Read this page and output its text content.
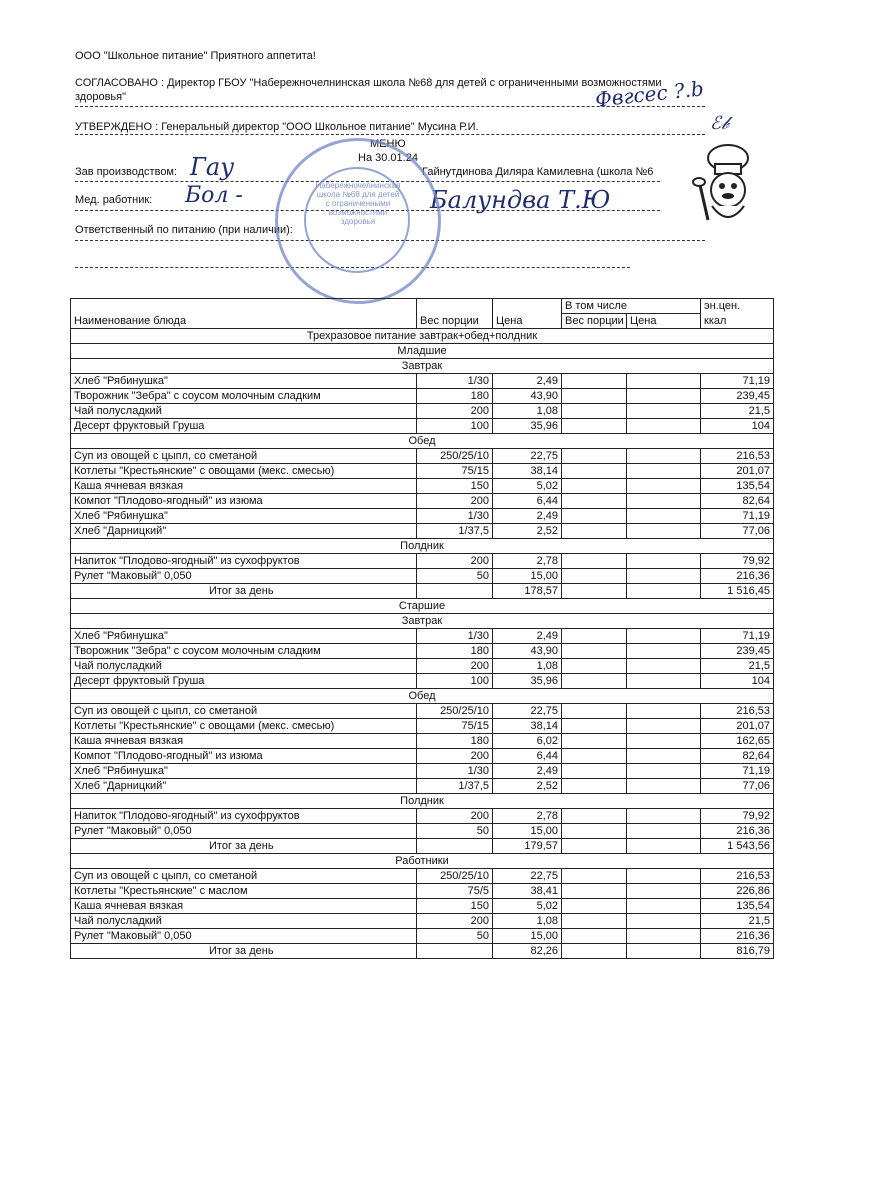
ООО "Школьное питание" Приятного аппетита!
СОГЛАСОВАНО : Директор ГБОУ "Набережночелнинская школа №68 для детей с ограниченными возможностями
здоровья"
УТВЕРЖДЕНО : Генеральный директор "ООО Школьное питание" Мусина Р.И.
МЕНЮ
На 30.01.24
Зав производством:	Гайнутдинова Диляра Камилевна (школа №6
Мед. работник:
Ответственный по питанию (при наличии):
Фвгсес ?.b
Гау
Бол -	Балундва Т.Ю
ℰ𝒷
Набережночелнинская школа №68 для детей с ограниченными возможностями здоровья
Наименование блюда	Вес порции	Цена	В том числе		эн.цен.
			Вес порции	Цена	ккал
Трехразовое питание завтрак+обед+полдник					
Младшие					
Завтрак					
Хлеб "Рябинушка"	1/30	2,49			71,19
Творожник "Зебра" с соусом молочным сладким	180	43,90			239,45
Чай полусладкий	200	1,08			21,5
Десерт фруктовый Груша	100	35,96			104
Обед					
Суп из овощей с цыпл, со сметаной	250/25/10	22,75			216,53
Котлеты "Крестьянские" с овощами (мекс. смесью)	75/15	38,14			201,07
Каша ячневая вязкая	150	5,02			135,54
Компот "Плодово-ягодный" из изюма	200	6,44			82,64
Хлеб "Рябинушка"	1/30	2,49			71,19
Хлеб "Дарницкий"	1/37,5	2,52			77,06
Полдник					
Напиток "Плодово-ягодный" из сухофруктов	200	2,78			79,92
Рулет "Маковый" 0,050	50	15,00			216,36
Итог за день		178,57			1 516,45
Старшие					
Завтрак					
Хлеб "Рябинушка"	1/30	2,49			71,19
Творожник "Зебра" с соусом молочным сладким	180	43,90			239,45
Чай полусладкий	200	1,08			21,5
Десерт фруктовый Груша	100	35,96			104
Обед					
Суп из овощей с цыпл, со сметаной	250/25/10	22,75			216,53
Котлеты "Крестьянские" с овощами (мекс. смесью)	75/15	38,14			201,07
Каша ячневая вязкая	180	6,02			162,65
Компот "Плодово-ягодный" из изюма	200	6,44			82,64
Хлеб "Рябинушка"	1/30	2,49			71,19
Хлеб "Дарницкий"	1/37,5	2,52			77,06
Полдник					
Напиток "Плодово-ягодный" из сухофруктов	200	2,78			79,92
Рулет "Маковый" 0,050	50	15,00			216,36
Итог за день		179,57			1 543,56
Работники					
Суп из овощей с цыпл, со сметаной	250/25/10	22,75			216,53
Котлеты "Крестьянские" с маслом	75/5	38,41			226,86
Каша ячневая вязкая	150	5,02			135,54
Чай полусладкий	200	1,08			21,5
Рулет "Маковый" 0,050	50	15,00			216,36
Итог за день		82,26			816,79
